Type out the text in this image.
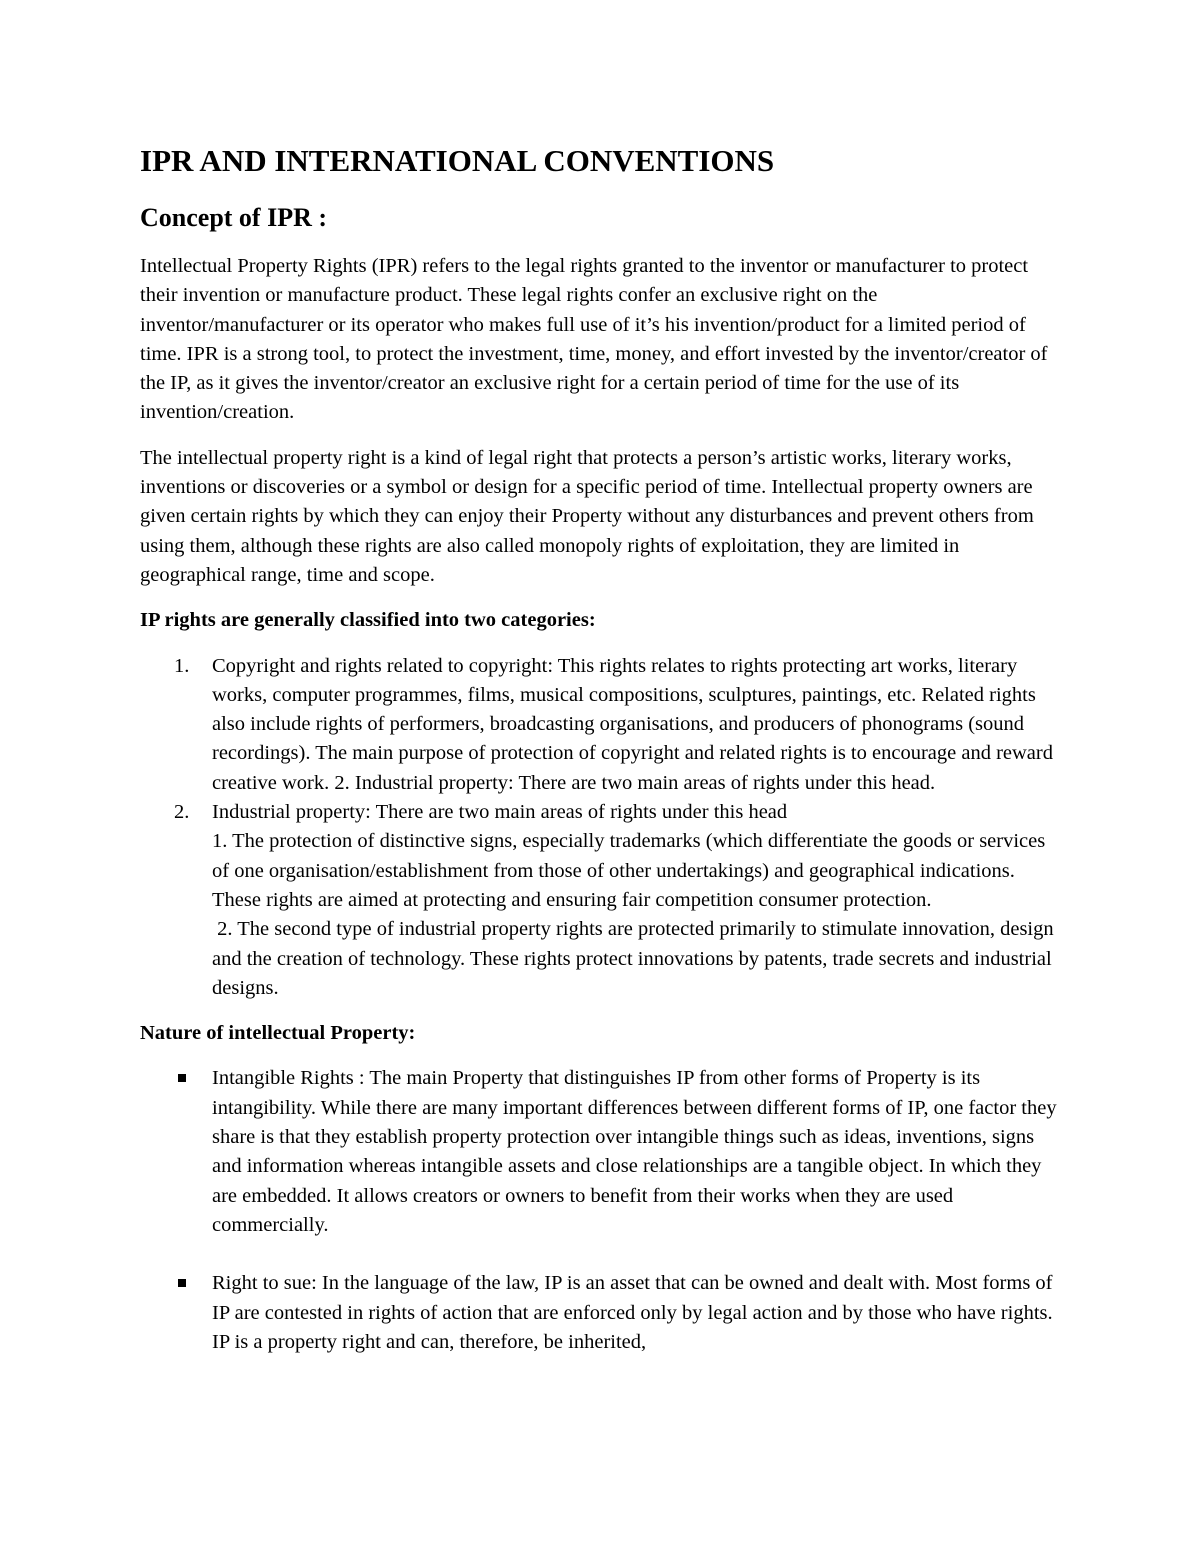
IPR AND INTERNATIONAL CONVENTIONS
Concept of IPR :

Intellectual Property Rights (IPR) refers to the legal rights granted to the inventor or manufacturer to protect their invention or manufacture product. These legal rights confer an exclusive right on the inventor/manufacturer or its operator who makes full use of it’s his invention/product for a limited period of time. IPR is a strong tool, to protect the investment, time, money, and effort invested by the inventor/creator of the IP, as it gives the inventor/creator an exclusive right for a certain period of time for the use of its invention/creation.

The intellectual property right is a kind of legal right that protects a person’s artistic works, literary works, inventions or discoveries or a symbol or design for a specific period of time. Intellectual property owners are given certain rights by which they can enjoy their Property without any disturbances and prevent others from using them, although these rights are also called monopoly rights of exploitation, they are limited in geographical range, time and scope.

IP rights are generally classified into two categories:

1. Copyright and rights related to copyright: This rights relates to rights protecting art works, literary works, computer programmes, films, musical compositions, sculptures, paintings, etc. Related rights also include rights of performers, broadcasting organisations, and producers of phonograms (sound recordings). The main purpose of protection of copyright and related rights is to encourage and reward creative work. 2. Industrial property: There are two main areas of rights under this head.
2. Industrial property: There are two main areas of rights under this head
1. The protection of distinctive signs, especially trademarks (which differentiate the goods or services of one organisation/establishment from those of other undertakings) and geographical indications. These rights are aimed at protecting and ensuring fair competition consumer protection.
2. The second type of industrial property rights are protected primarily to stimulate innovation, design and the creation of technology. These rights protect innovations by patents, trade secrets and industrial designs.

Nature of intellectual Property:

Intangible Rights : The main Property that distinguishes IP from other forms of Property is its intangibility. While there are many important differences between different forms of IP, one factor they share is that they establish property protection over intangible things such as ideas, inventions, signs and information whereas intangible assets and close relationships are a tangible object. In which they are embedded. It allows creators or owners to benefit from their works when they are used commercially.
Right to sue: In the language of the law, IP is an asset that can be owned and dealt with. Most forms of IP are contested in rights of action that are enforced only by legal action and by those who have rights. IP is a property right and can, therefore, be inherited,
